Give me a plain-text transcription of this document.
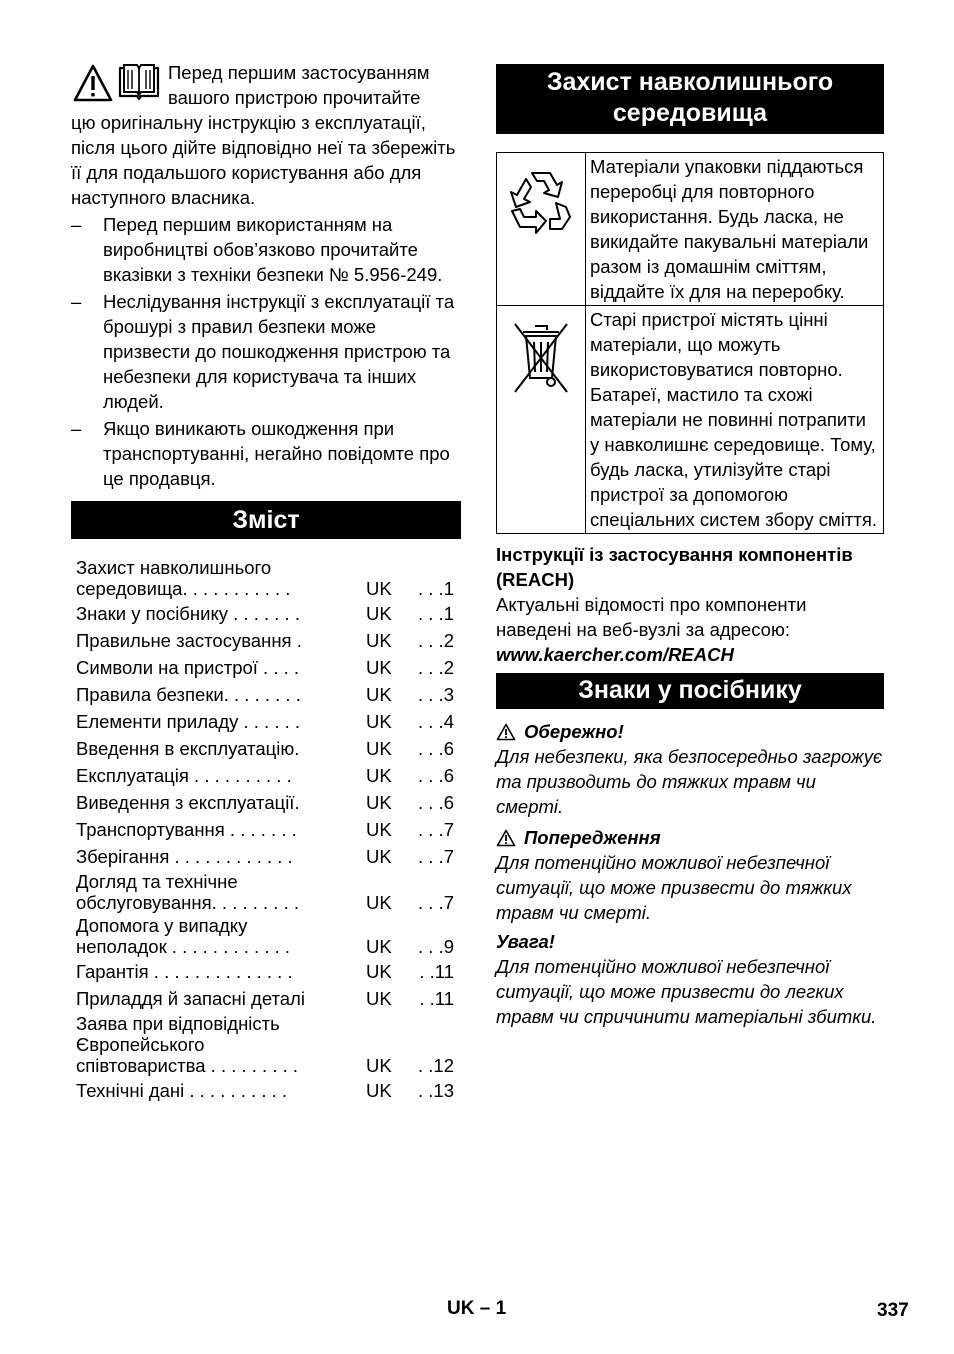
Перед першим застосуванням вашого пристрою прочитайте

цю оригінальну інструкцію з експлуатації, після цього дійте відповідно неї та збережіть її для подальшого користування або для наступного власника.

– Перед першим використанням на виробництві обов’язково прочитайте вказівки з техніки безпеки № 5.956-249.
– Неслідування інструкції з експлуатації та брошурі з правил безпеки може призвести до пошкодження пристрою та небезпеки для користувача та інших людей.
– Якщо виникають ошкодження при транспортуванні, негайно повідомте про це продавця.
Зміст
Захист навколишнього
середовища. . . . . . . . . . .	UK	. . .1
Знаки у посібнику . . . . . . .	UK	. . .1
Правильне застосування .	UK	. . .2
Символи на пристрої . . . .	UK	. . .2
Правила безпеки. . . . . . . .	UK	. . .3
Елементи приладу . . . . . .	UK	. . .4
Введення в експлуатацію.	UK	. . .6
Експлуатація . . . . . . . . . .	UK	. . .6
Виведення з експлуатації.	UK	. . .6
Транспортування . . . . . . .	UK	. . .7
Зберігання . . . . . . . . . . . .	UK	. . .7
Догляд та технічне
обслуговування. . . . . . . . .	UK	. . .7
Допомога у випадку
неполадок . . . . . . . . . . . .	UK	. . .9
Гарантія . . . . . . . . . . . . . .	UK	. .11
Приладдя й запасні деталі	UK	. .11
Заява при відповідність
Європейського
співтовариства . . . . . . . . .	UK	. .12
Технічні дані . . . . . . . . . .	UK	. .13
Захист навколишнього середовища
	Матеріали упаковки піддаються переробці для повторного використання. Будь ласка, не викидайте пакувальні матеріали разом із домашнім сміттям, віддайте їх для на переробку.
	Старі пристрої містять цінні матеріали, що можуть використовуватися повторно. Батареї, мастило та схожі матеріали не повинні потрапити у навколишнє середовище. Тому, будь ласка, утилізуйте старі пристрої за допомогою спеціальних систем збору сміття.
Інструкції із застосування компонентів (REACH)
Актуальні відомості про компоненти наведені на веб-вузлі за адресою:
www.kaercher.com/REACH
Знаки у посібнику
Обережно!
Для небезпеки, яка безпосередньо загрожує та призводить до тяжких травм чи смерті.
Попередження
Для потенційно можливої небезпечної ситуації, що може призвести до тяжких травм чи смерті.
Увага!
Для потенційно можливої небезпечної ситуації, що може призвести до легких травм чи спричинити матеріальні збитки.
UK – 1	337
